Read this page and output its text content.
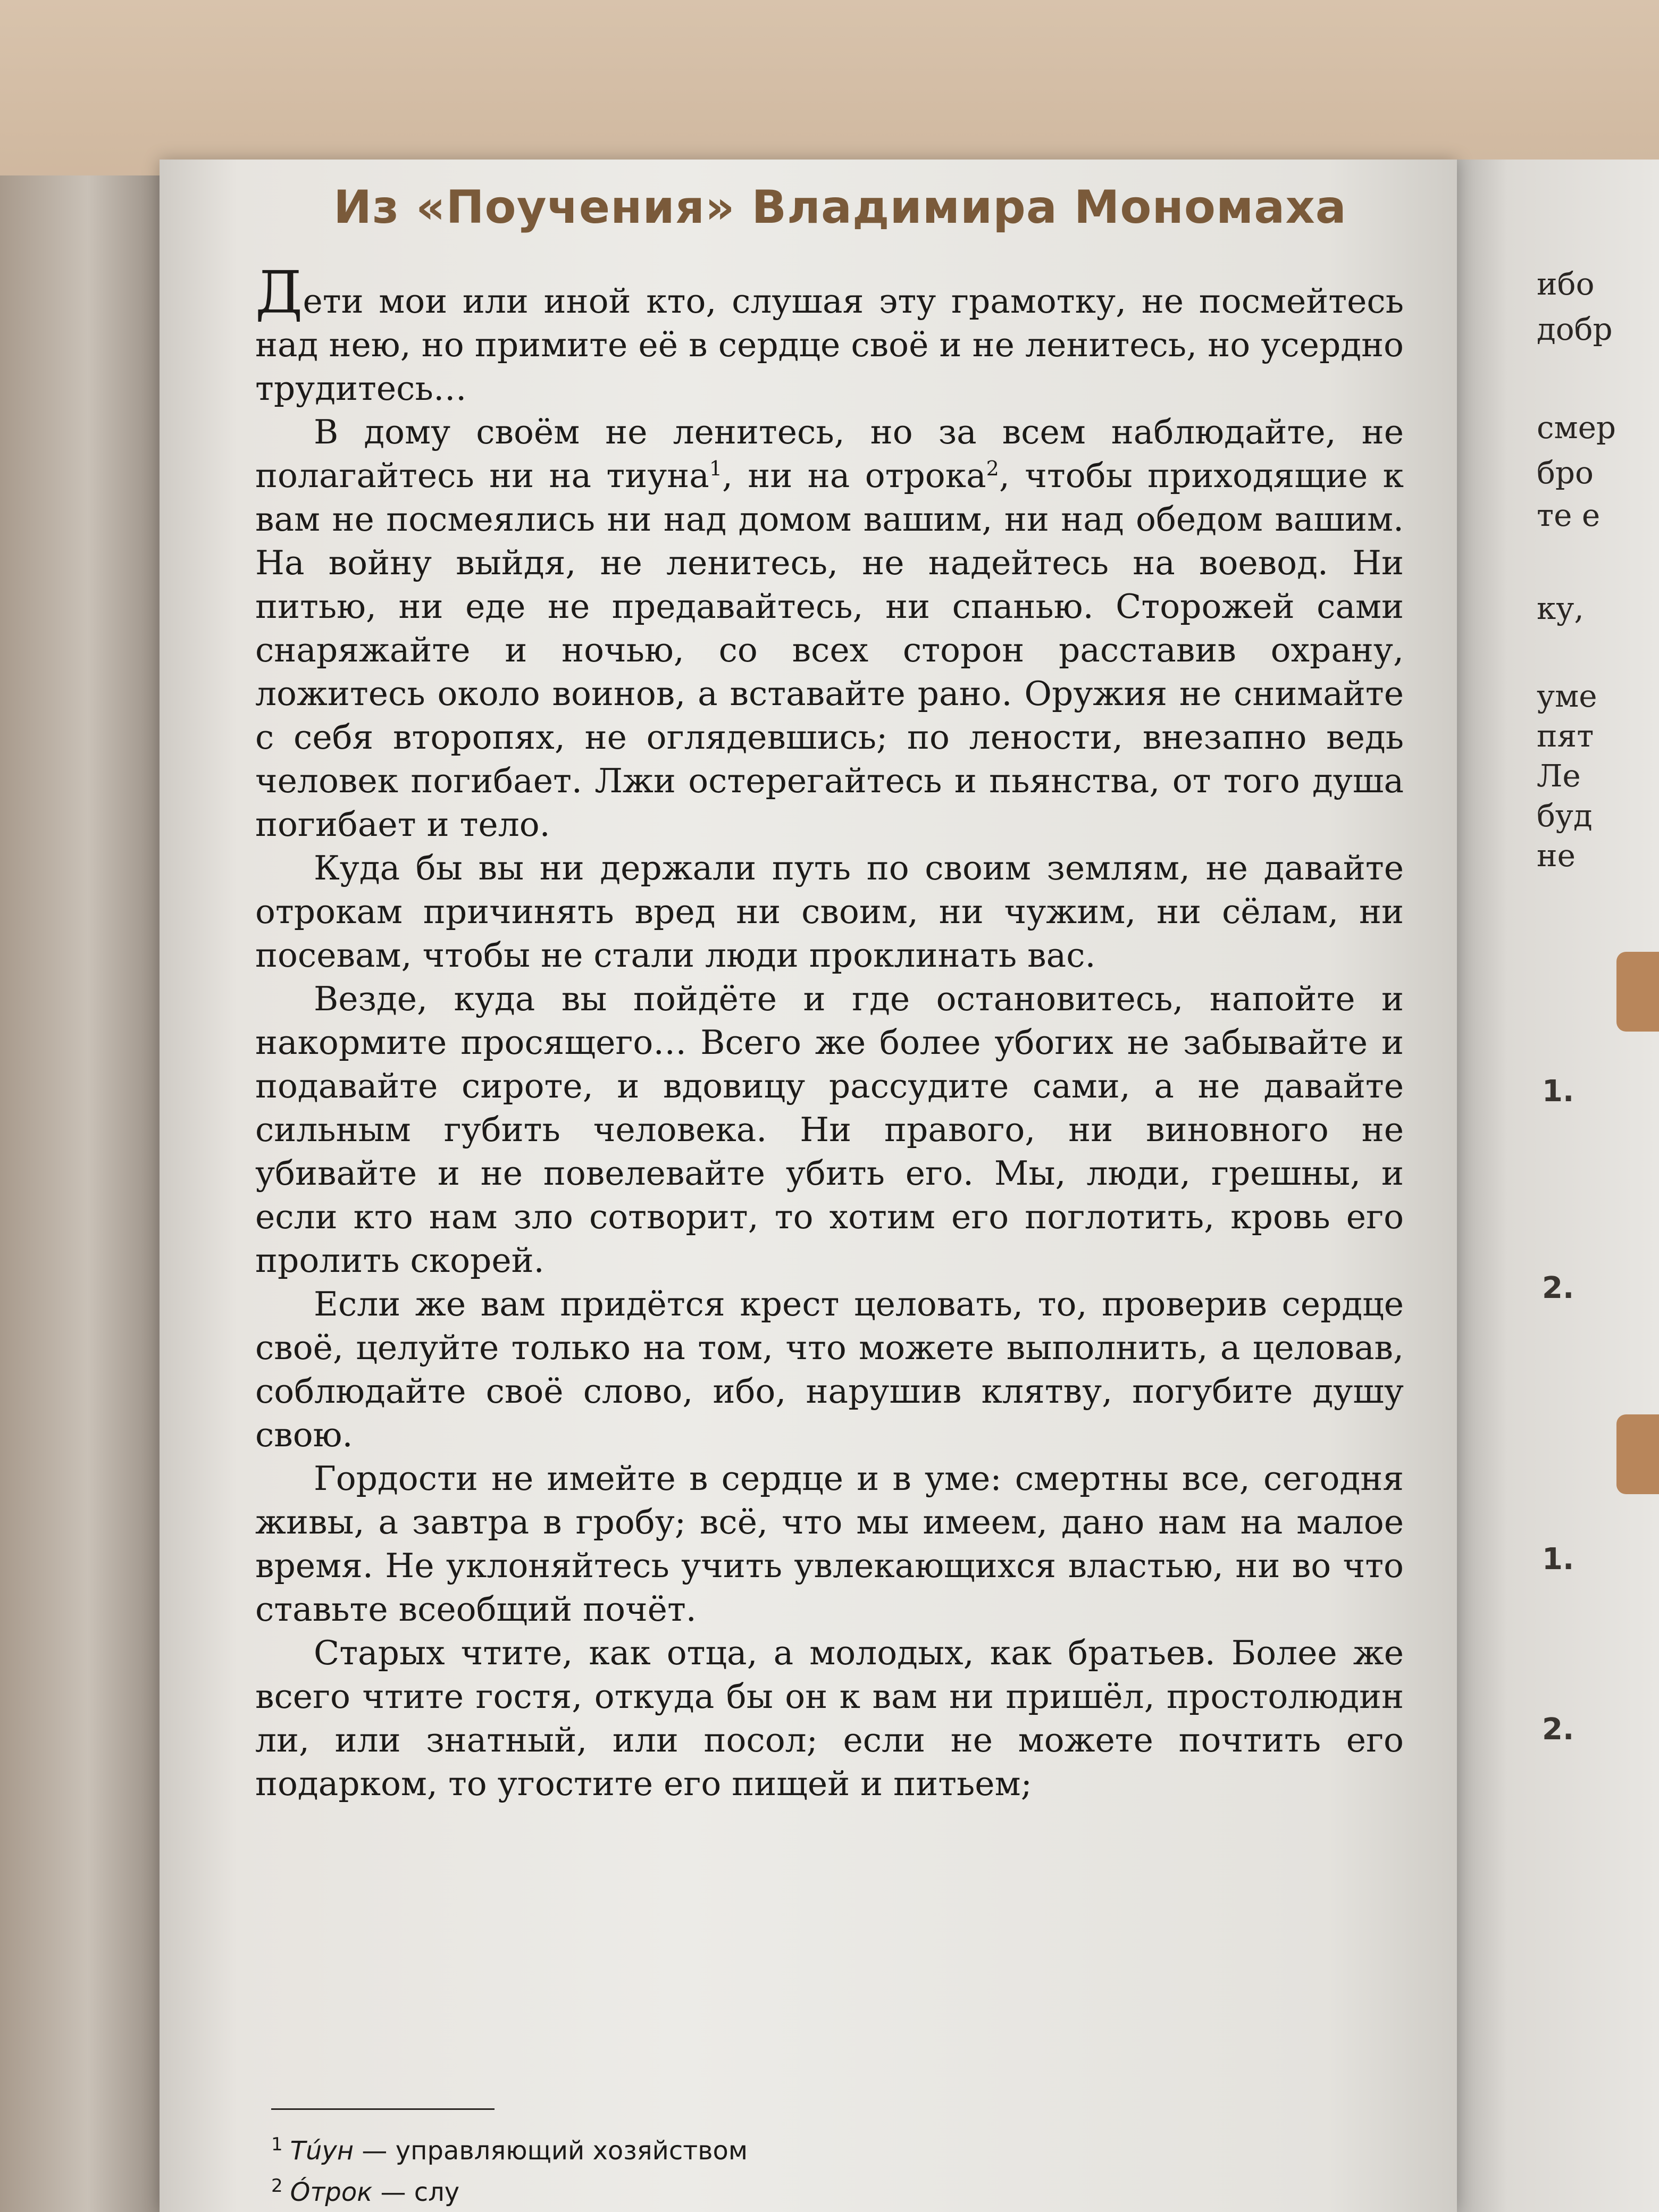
ибо
добр
смер
бро
те е
ку,
уме
пят
Ле
буд
не
1.
2.
1.
2.
Из «Поучения» Владимира Мономаха

Дети мои или иной кто, слушая эту грамотку, не посмейтесь над нею, но примите её в сердце своё и не ленитесь, но усердно трудитесь…

В дому своём не ленитесь, но за всем наблюдайте, не полагайтесь ни на тиуна$^1$, ни на отрока$^2$, чтобы приходящие к вам не посмеялись ни над домом вашим, ни над обедом вашим. На войну выйдя, не ленитесь, не надейтесь на воевод. Ни питью, ни еде не предавайтесь, ни спанью. Сторожей сами снаряжайте и ночью, со всех сторон расставив охрану, ложитесь около воинов, а вставайте рано. Оружия не снимайте с себя второпях, не оглядевшись; по лености, внезапно ведь человек погибает. Лжи остерегайтесь и пьянства, от того душа погибает и тело.

Куда бы вы ни держали путь по своим землям, не давайте отрокам причинять вред ни своим, ни чужим, ни сёлам, ни посевам, чтобы не стали люди проклинать вас.

Везде, куда вы пойдёте и где остановитесь, напойте и накормите просящего… Всего же более убогих не забывайте и подавайте сироте, и вдовицу рассудите сами, а не давайте сильным губить человека. Ни правого, ни виновного не убивайте и не повелевайте убить его. Мы, люди, грешны, и если кто нам зло сотворит, то хотим его поглотить, кровь его пролить скорей.

Если же вам придётся крест целовать, то, проверив сердце своё, целуйте только на том, что можете выполнить, а целовав, соблюдайте своё слово, ибо, нарушив клятву, погубите душу свою.

Гордости не имейте в сердце и в уме: смертны все, сегодня живы, а завтра в гробу; всё, что мы имеем, дано нам на малое время. Не уклоняйтесь учить увлекающихся властью, ни во что ставьте всеобщий почёт.

Старых чтите, как отца, а молодых, как братьев. Более же всего чтите гостя, откуда бы он к вам ни пришёл, простолюдин ли, или знатный, или посол; если не можете почтить его подарком, то угостите его пищей и питьем;

$^1$ Тúун — управляющий хозяйством
$^2$ Óтрок — слу
